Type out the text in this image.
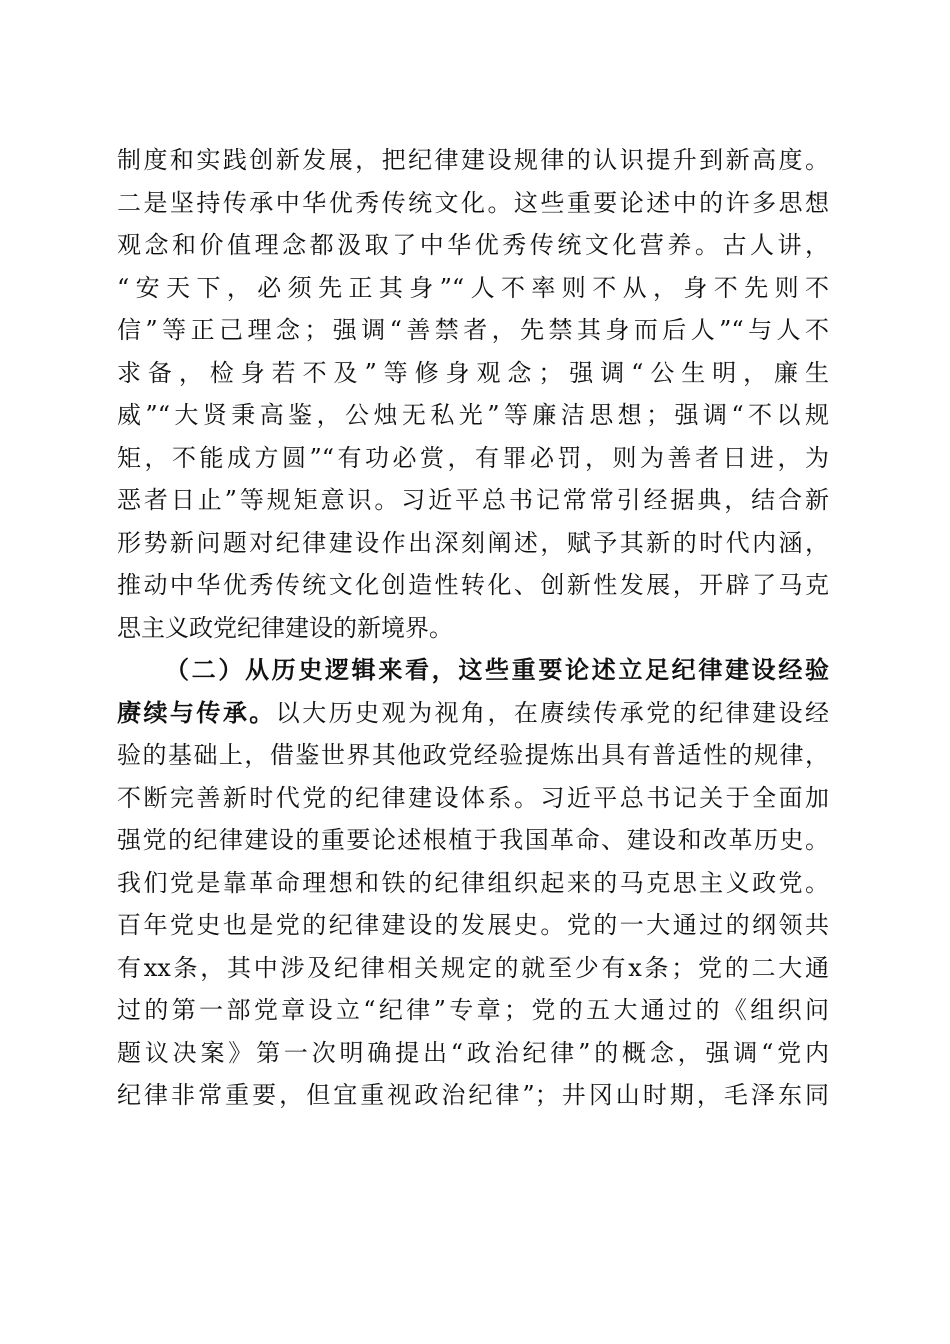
制度和实践创新发展，把纪律建设规律的认识提升到新高度。
二是坚持传承中华优秀传统文化。这些重要论述中的许多思想
观念和价值理念都汲取了中华优秀传统文化营养。古人讲，
“安天下，必须先正其身”“人不率则不从，身不先则不
信”等正己理念；强调“善禁者，先禁其身而后人”“与人不
求备，检身若不及”等修身观念；强调“公生明，廉生
威”“大贤秉高鉴，公烛无私光”等廉洁思想；强调“不以规
矩，不能成方圆”“有功必赏，有罪必罚，则为善者日进，为
恶者日止”等规矩意识。习近平总书记常常引经据典，结合新
形势新问题对纪律建设作出深刻阐述，赋予其新的时代内涵，
推动中华优秀传统文化创造性转化、创新性发展，开辟了马克
思主义政党纪律建设的新境界。
（二）从历史逻辑来看，这些重要论述立足纪律建设经验
赓续与传承。以大历史观为视角，在赓续传承党的纪律建设经
验的基础上，借鉴世界其他政党经验提炼出具有普适性的规律，
不断完善新时代党的纪律建设体系。习近平总书记关于全面加
强党的纪律建设的重要论述根植于我国革命、建设和改革历史。
我们党是靠革命理想和铁的纪律组织起来的马克思主义政党。
百年党史也是党的纪律建设的发展史。党的一大通过的纲领共
有xx条，其中涉及纪律相关规定的就至少有x条；党的二大通
过的第一部党章设立“纪律”专章；党的五大通过的《组织问
题议决案》第一次明确提出“政治纪律”的概念，强调“党内
纪律非常重要，但宜重视政治纪律”；井冈山时期，毛泽东同
